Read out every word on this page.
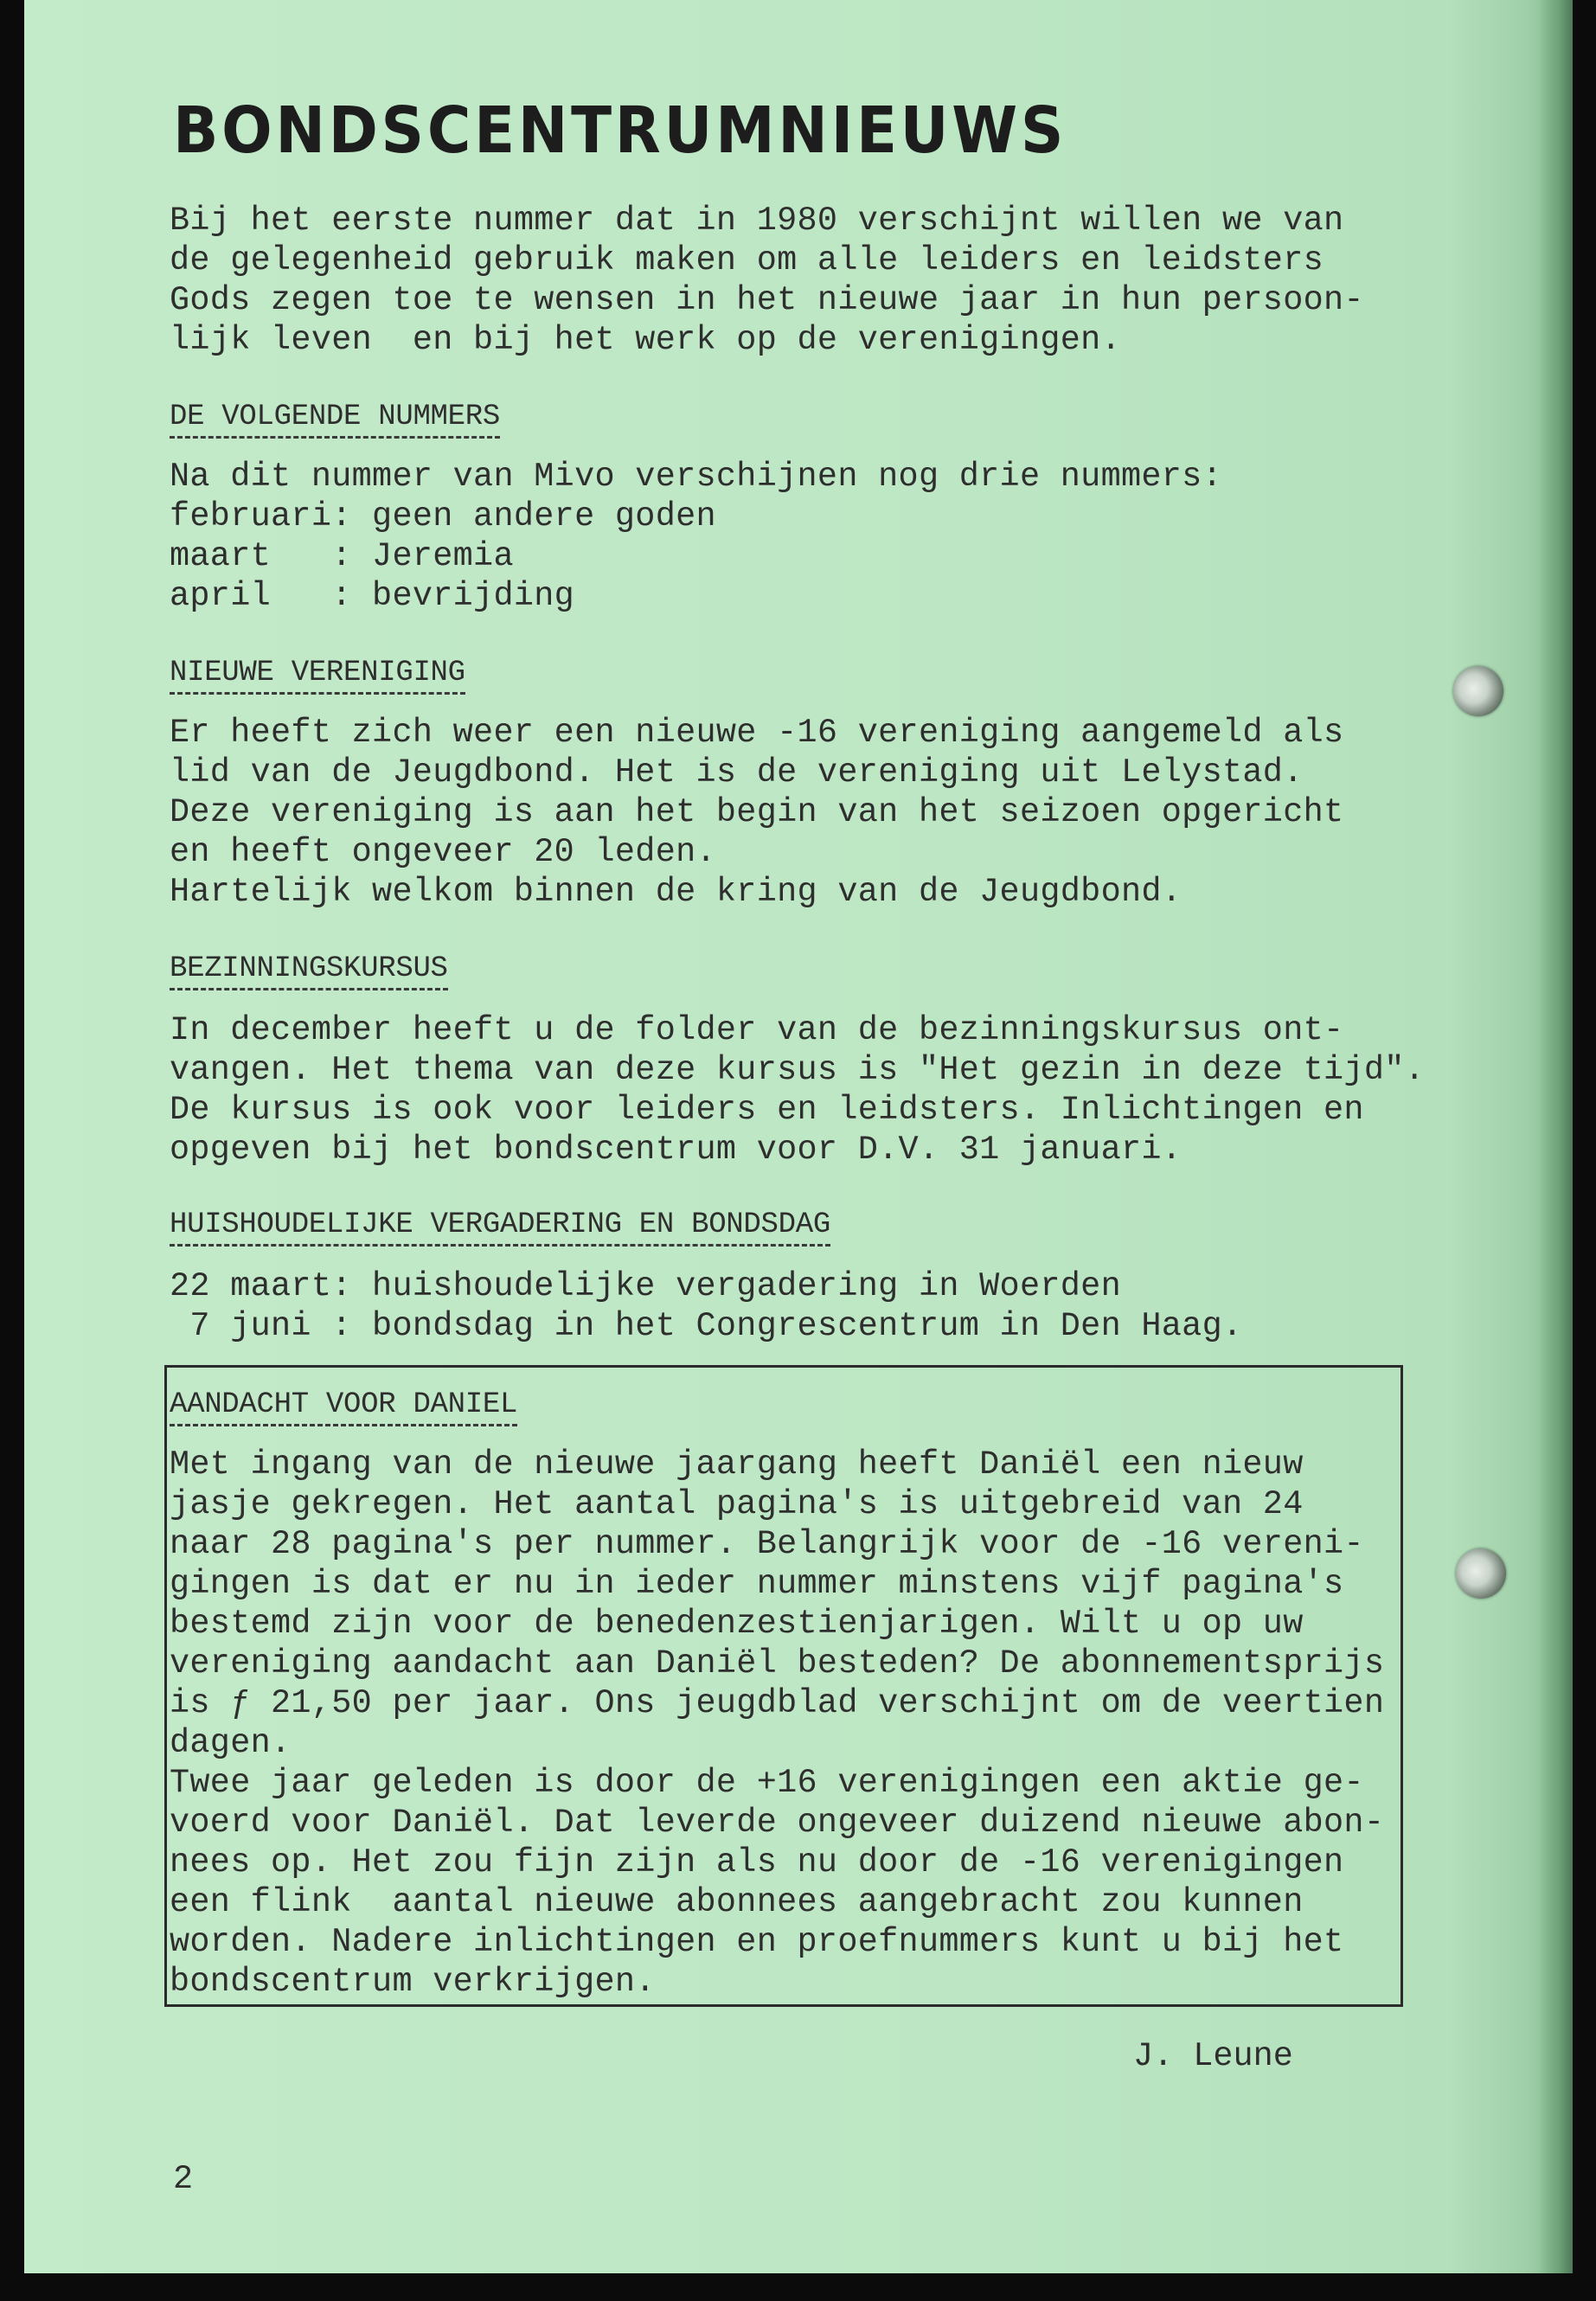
BONDSCENTRUMNIEUWS
Bij het eerste nummer dat in 1980 verschijnt willen we van
de gelegenheid gebruik maken om alle leiders en leidsters
Gods zegen toe te wensen in het nieuwe jaar in hun persoon-
lijk leven  en bij het werk op de verenigingen.
DE VOLGENDE NUMMERS
Na dit nummer van Mivo verschijnen nog drie nummers:
februari: geen andere goden
maart   : Jeremia
april   : bevrijding
NIEUWE VERENIGING
Er heeft zich weer een nieuwe -16 vereniging aangemeld als
lid van de Jeugdbond. Het is de vereniging uit Lelystad.
Deze vereniging is aan het begin van het seizoen opgericht
en heeft ongeveer 20 leden.
Hartelijk welkom binnen de kring van de Jeugdbond.
BEZINNINGSKURSUS
In december heeft u de folder van de bezinningskursus ont-
vangen. Het thema van deze kursus is "Het gezin in deze tijd".
De kursus is ook voor leiders en leidsters. Inlichtingen en
opgeven bij het bondscentrum voor D.V. 31 januari.
HUISHOUDELIJKE VERGADERING EN BONDSDAG
22 maart: huishoudelijke vergadering in Woerden
7 juni : bondsdag in het Congrescentrum in Den Haag.
AANDACHT VOOR DANIEL
Met ingang van de nieuwe jaargang heeft Daniël een nieuw
jasje gekregen. Het aantal pagina's is uitgebreid van 24
naar 28 pagina's per nummer. Belangrijk voor de -16 vereni-
gingen is dat er nu in ieder nummer minstens vijf pagina's
bestemd zijn voor de benedenzestienjarigen. Wilt u op uw
vereniging aandacht aan Daniël besteden? De abonnementsprijs
is ƒ 21,50 per jaar. Ons jeugdblad verschijnt om de veertien
dagen.
Twee jaar geleden is door de +16 verenigingen een aktie ge-
voerd voor Daniël. Dat leverde ongeveer duizend nieuwe abon-
nees op. Het zou fijn zijn als nu door de -16 verenigingen
een flink  aantal nieuwe abonnees aangebracht zou kunnen
worden. Nadere inlichtingen en proefnummers kunt u bij het
bondscentrum verkrijgen.
J. Leune
2
